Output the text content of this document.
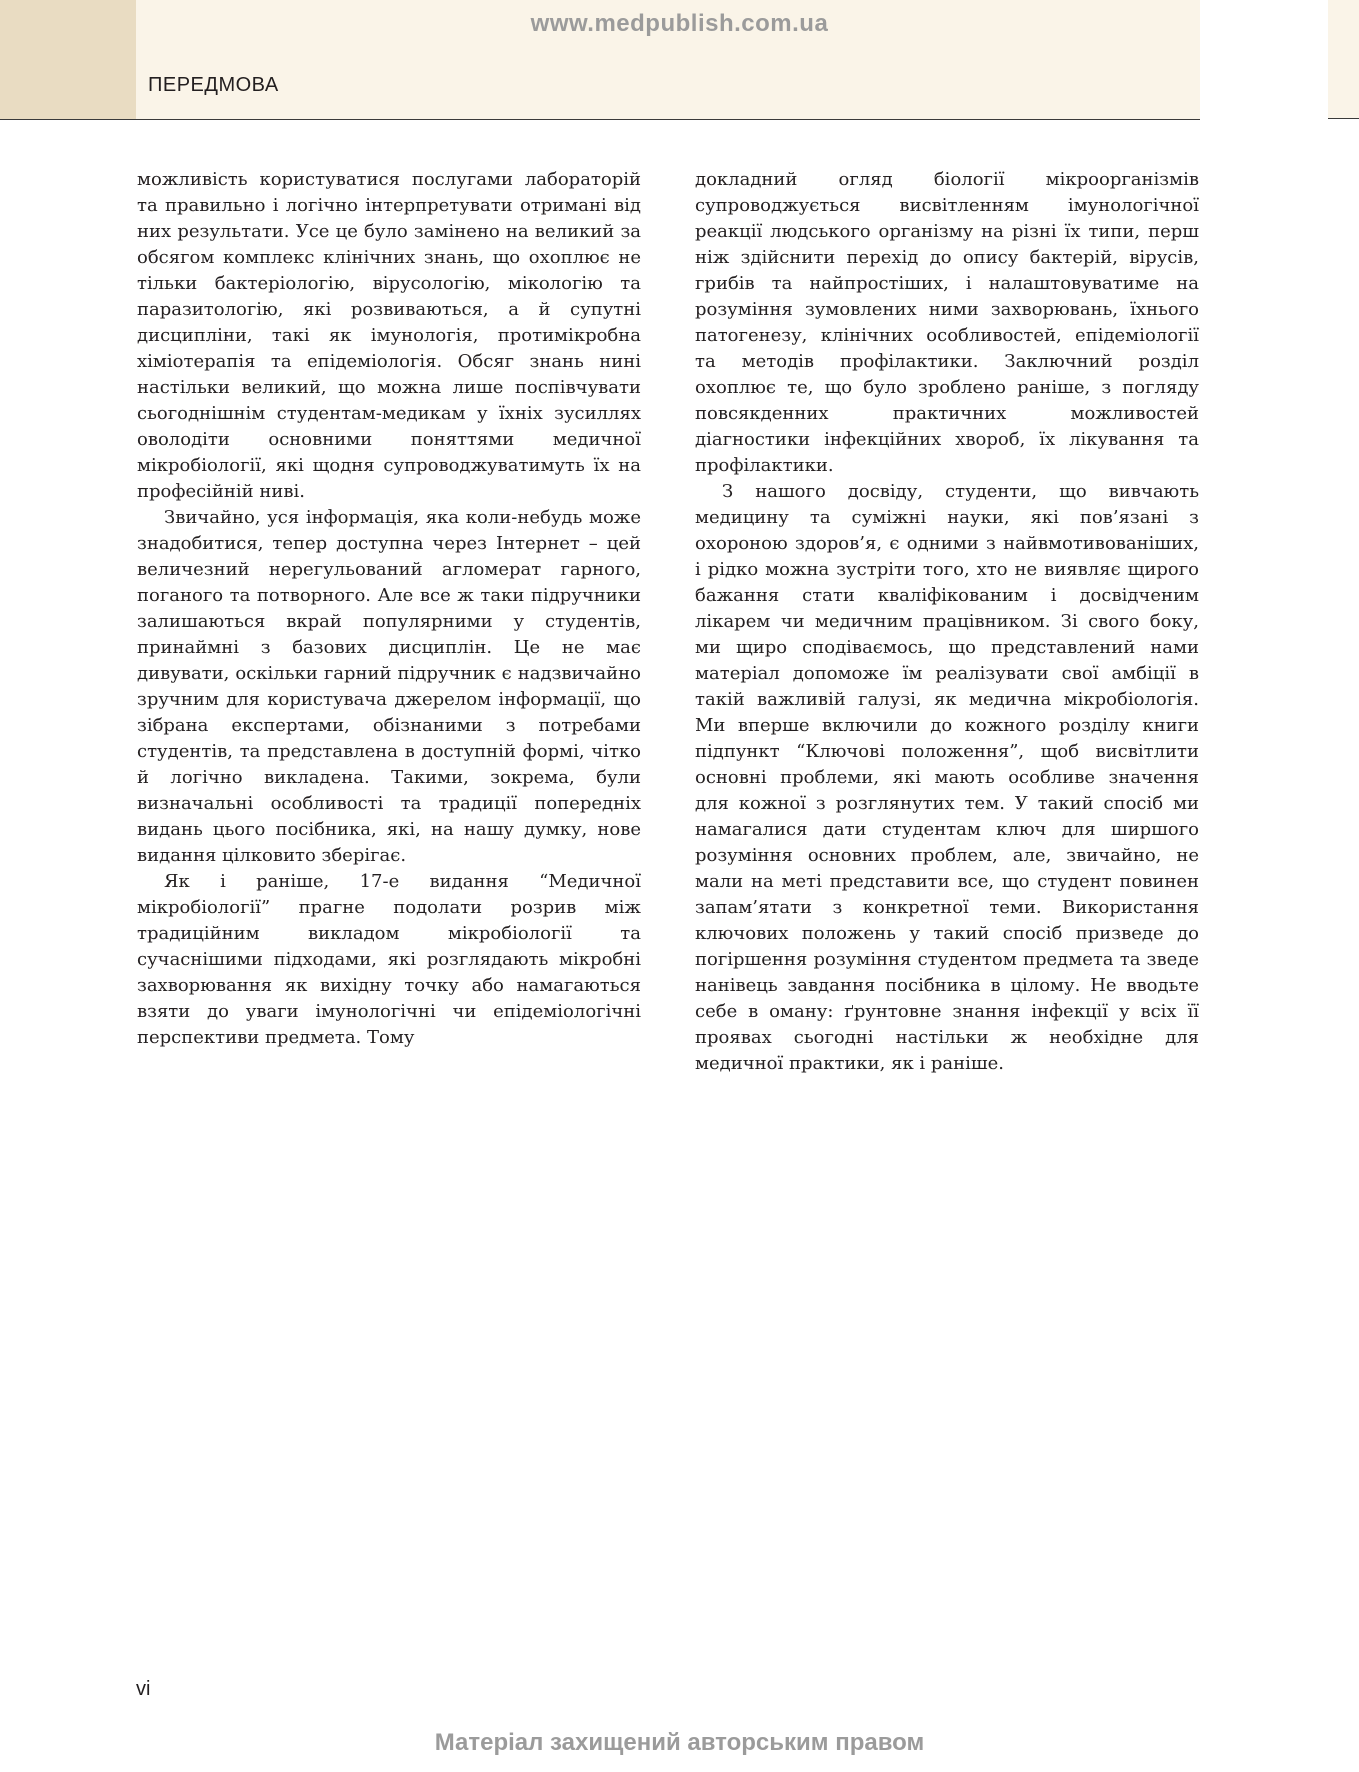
www.medpublish.com.ua
ПЕРЕДМОВА

можливість користуватися послугами лабораторій та правильно і логічно інтерпретувати отримані від них результати. Усе це було замінено на великий за обсягом комплекс клінічних знань, що охоплює не тільки бактеріологію, вірусологію, мікологію та паразитологію, які розвиваються, а й супутні дисципліни, такі як імунологія, протимікробна хіміотерапія та епідеміологія. Обсяг знань нині настільки великий, що можна лише поспівчувати сьогоднішнім студентам-медикам у їхніх зусиллях оволодіти основними поняттями медичної мікробіології, які щодня супроводжуватимуть їх на професійній ниві.

Звичайно, уся інформація, яка коли-небудь може знадобитися, тепер доступна через Інтернет – цей величезний нерегульований агломерат гарного, поганого та потворного. Але все ж таки підручники залишаються вкрай популярними у студентів, принаймні з базових дисциплін. Це не має дивувати, оскільки гарний підручник є надзвичайно зручним для користувача джерелом інформації, що зібрана експертами, обізнаними з потребами студентів, та представлена в доступній формі, чітко й логічно викладена. Такими, зокрема, були визначальні особливості та традиції попередніх видань цього посібника, які, на нашу думку, нове видання цілковито зберігає.

Як і раніше, 17-е видання “Медичної мікробіології” прагне подолати розрив між традиційним викладом мікробіології та сучаснішими підходами, які розглядають мікробні захворювання як вихідну точку або намагаються взяти до уваги імунологічні чи епідеміологічні перспективи предмета. Тому

докладний огляд біології мікроорганізмів супроводжується висвітленням імунологічної реакції людського організму на різні їх типи, перш ніж здійснити перехід до опису бактерій, вірусів, грибів та найпростіших, і налаштовуватиме на розуміння зумовлених ними захворювань, їхнього патогенезу, клінічних особливостей, епідеміології та методів профілактики. Заключний розділ охоплює те, що було зроблено раніше, з погляду повсякденних практичних можливостей діагностики інфекційних хвороб, їх лікування та профілактики.

З нашого досвіду, студенти, що вивчають медицину та суміжні науки, які пов’язані з охороною здоров’я, є одними з найвмотивованіших, і рідко можна зустріти того, хто не виявляє щирого бажання стати кваліфікованим і досвідченим лікарем чи медичним працівником. Зі свого боку, ми щиро сподіваємось, що представлений нами матеріал допоможе їм реалізувати свої амбіції в такій важливій галузі, як медична мікробіологія. Ми вперше включили до кожного розділу книги підпункт “Ключові положення”, щоб висвітлити основні проблеми, які мають особливе значення для кожної з розглянутих тем. У такий спосіб ми намагалися дати студентам ключ для ширшого розуміння основних проблем, але, звичайно, не мали на меті представити все, що студент повинен запам’ятати з конкретної теми. Використання ключових положень у такий спосіб призведе до погіршення розуміння студентом предмета та зведе нанівець завдання посібника в цілому. Не вводьте себе в оману: ґрунтовне знання інфекції у всіх її проявах сьогодні настільки ж необхідне для медичної практики, як і раніше.

vi
Матеріал захищений авторським правом
